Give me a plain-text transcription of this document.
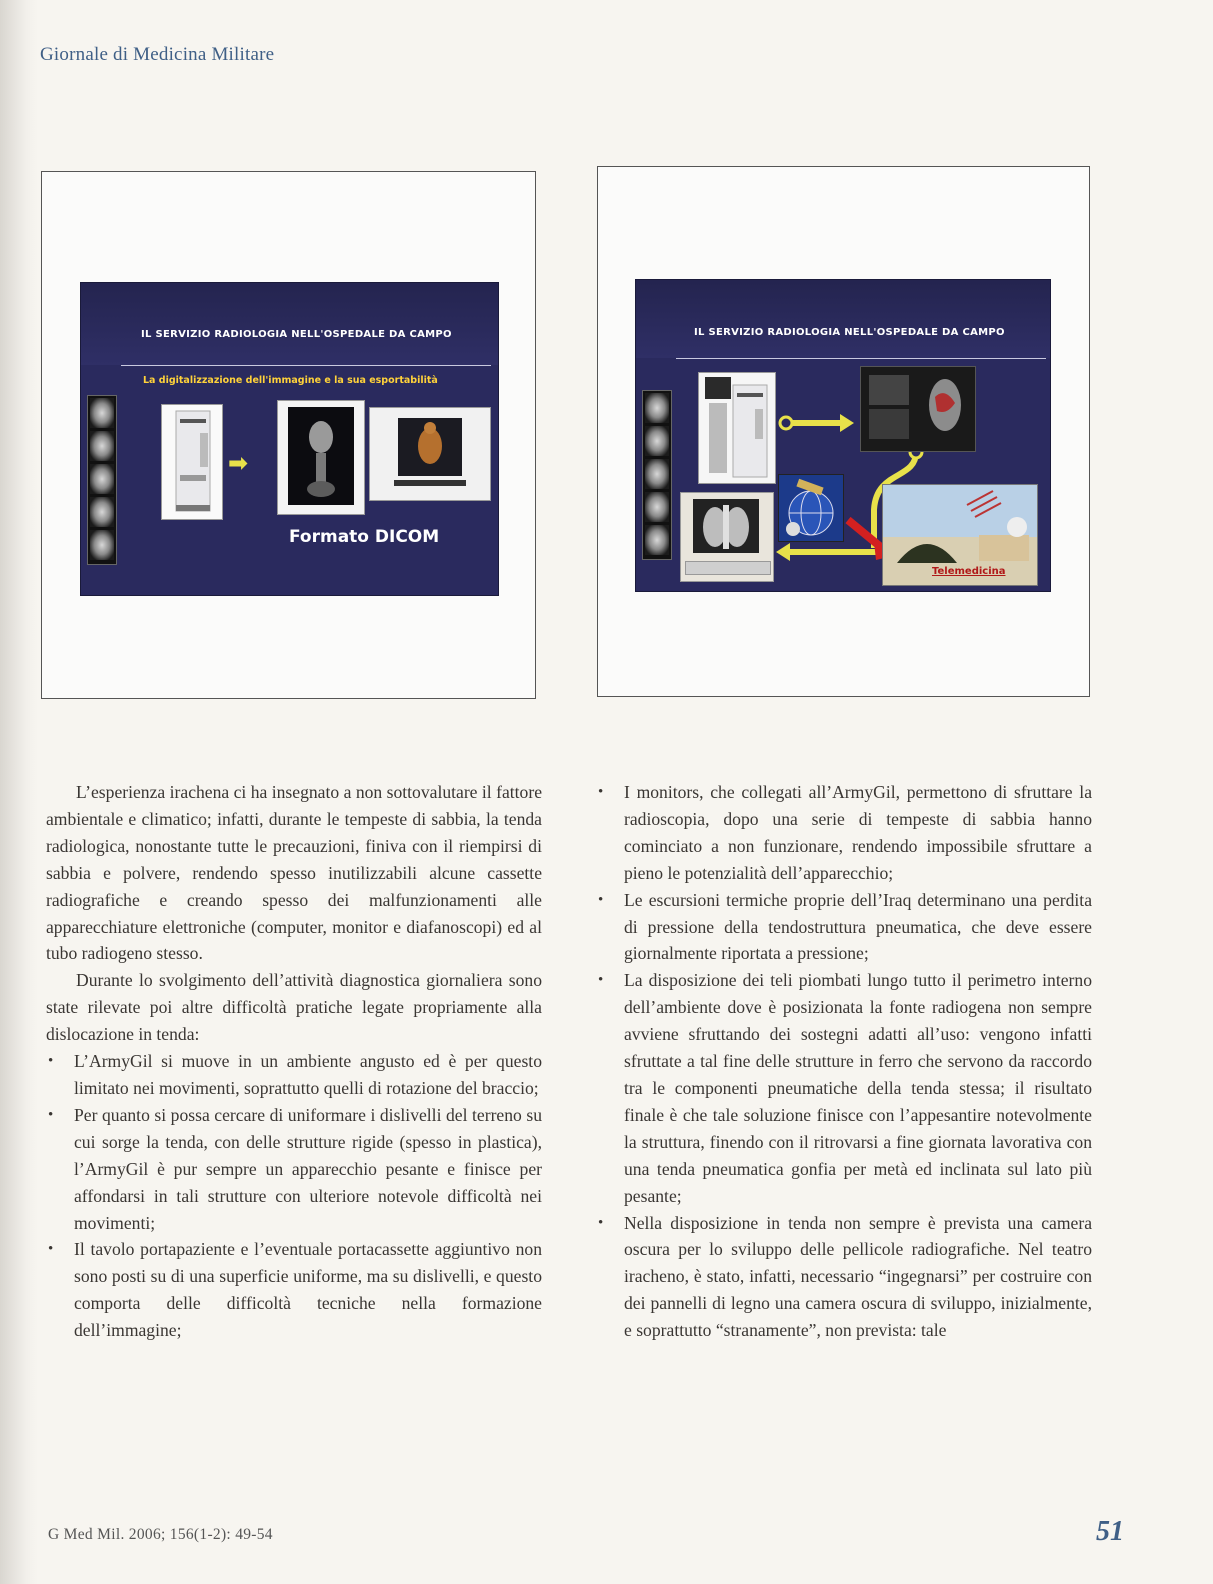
Giornale di Medicina Militare
IL SERVIZIO RADIOLOGIA NELL'OSPEDALE DA CAMPO
La digitalizzazione dell'immagine e la sua esportabilità
➡
Formato DICOM
IL SERVIZIO RADIOLOGIA NELL'OSPEDALE DA CAMPO
Telemedicina

L’esperienza irachena ci ha insegnato a non sottovalutare il fattore ambientale e climatico; infatti, durante le tempeste di sabbia, la tenda radiologica, nonostante tutte le precauzioni, finiva con il riempirsi di sabbia e polvere, rendendo spesso inutilizzabili alcune cassette radiografiche e creando spesso dei malfunzionamenti alle apparecchiature elettroniche (computer, monitor e diafanoscopi) ed al tubo radiogeno stesso.

Durante lo svolgimento dell’attività diagnostica giornaliera sono state rilevate poi altre difficoltà pratiche legate propriamente alla dislocazione in tenda:

• L’ArmyGil si muove in un ambiente angusto ed è per questo limitato nei movimenti, soprattutto quelli di rotazione del braccio;
• Per quanto si possa cercare di uniformare i dislivelli del terreno su cui sorge la tenda, con delle strutture rigide (spesso in plastica), l’ArmyGil è pur sempre un apparecchio pesante e finisce per affondarsi in tali strutture con ulteriore notevole difficoltà nei movimenti;
• Il tavolo portapaziente e l’eventuale portacassette aggiuntivo non sono posti su di una superficie uniforme, ma su dislivelli, e questo comporta delle difficoltà tecniche nella formazione dell’immagine;
• I monitors, che collegati all’ArmyGil, permettono di sfruttare la radioscopia, dopo una serie di tempeste di sabbia hanno cominciato a non funzionare, rendendo impossibile sfruttare a pieno le potenzialità dell’apparecchio;
• Le escursioni termiche proprie dell’Iraq determinano una perdita di pressione della tendostruttura pneumatica, che deve essere giornalmente riportata a pressione;
• La disposizione dei teli piombati lungo tutto il perimetro interno dell’ambiente dove è posizionata la fonte radiogena non sempre avviene sfruttando dei sostegni adatti all’uso: vengono infatti sfruttate a tal fine delle strutture in ferro che servono da raccordo tra le componenti pneumatiche della tenda stessa; il risultato finale è che tale soluzione finisce con l’appesantire notevolmente la struttura, finendo con il ritrovarsi a fine giornata lavorativa con una tenda pneumatica gonfia per metà ed inclinata sul lato più pesante;
• Nella disposizione in tenda non sempre è prevista una camera oscura per lo sviluppo delle pellicole radiografiche. Nel teatro iracheno, è stato, infatti, necessario “ingegnarsi” per costruire con dei pannelli di legno una camera oscura di sviluppo, inizialmente, e soprattutto “stranamente”, non prevista: tale
G Med Mil. 2006; 156(1-2): 49-54	51
